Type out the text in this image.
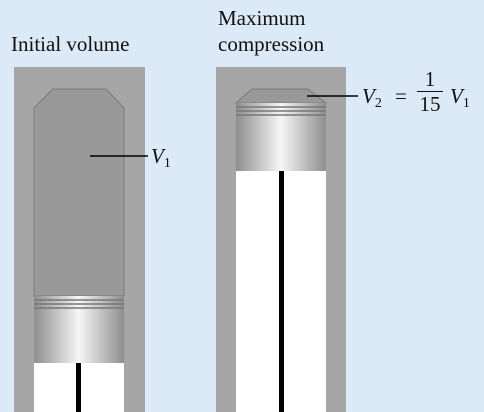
Initial volume
$V_1$
Maximum
compression
$V_2$ =
1
15 $V_1$
